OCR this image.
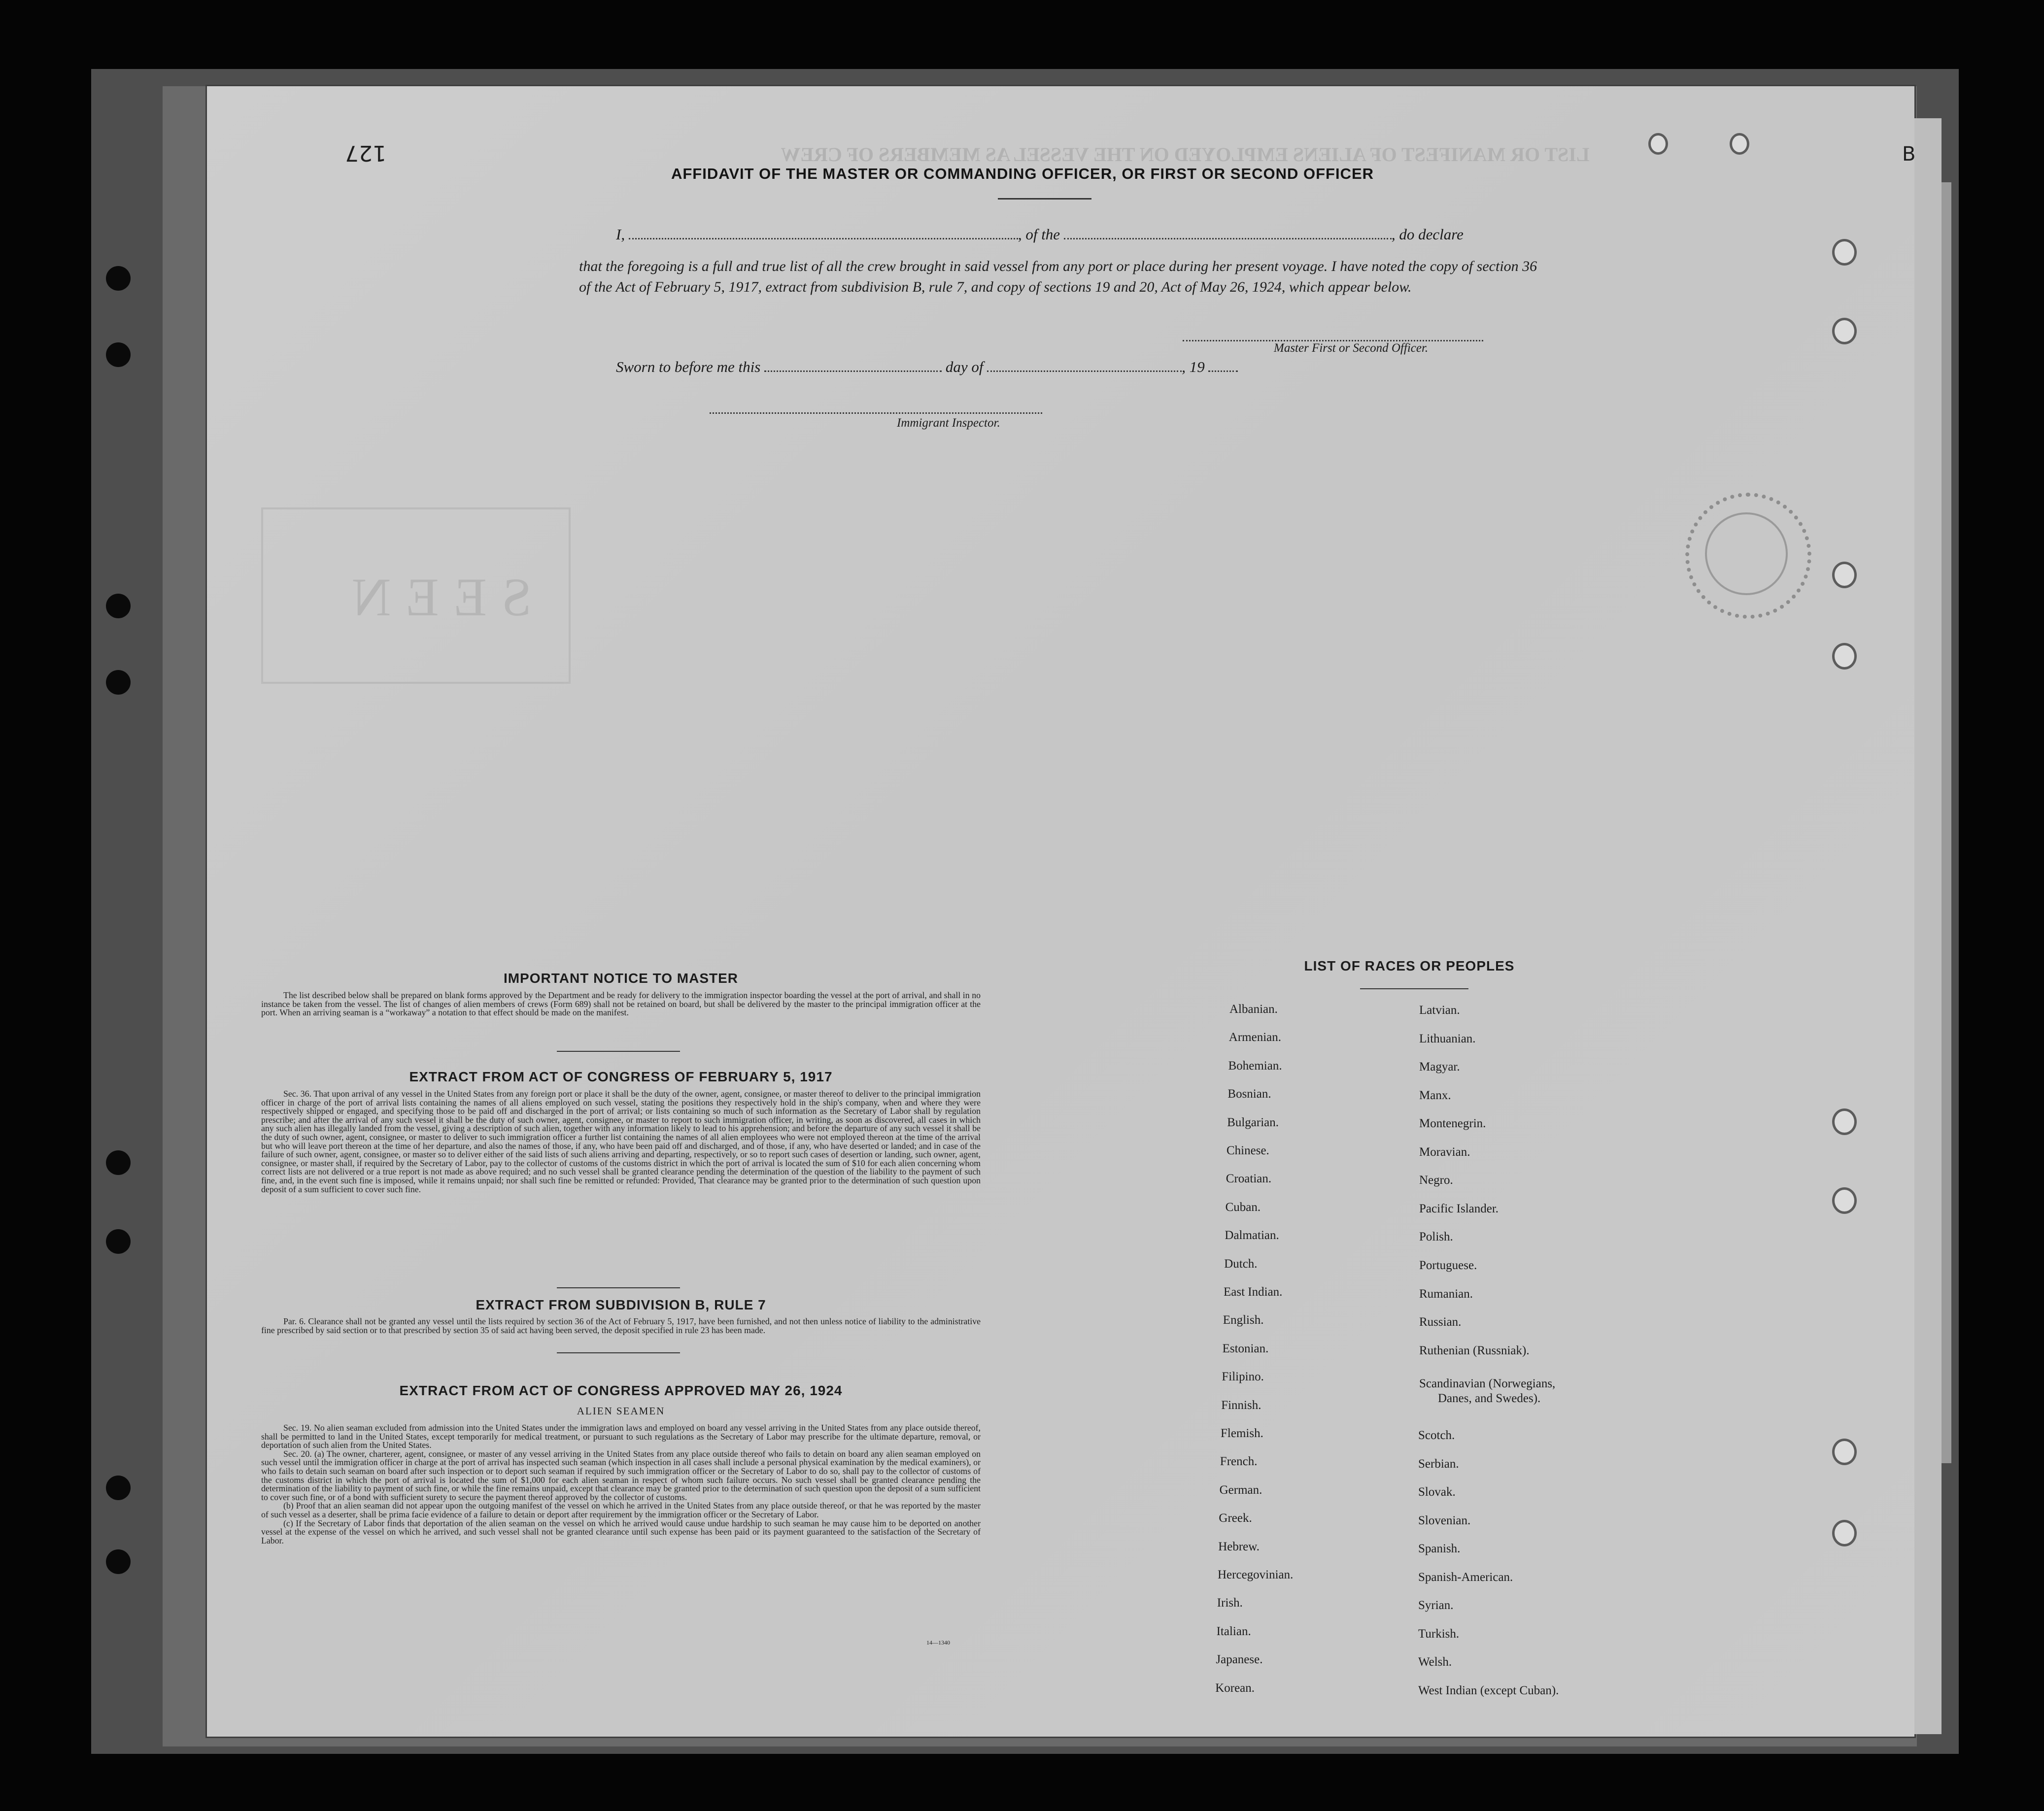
LIST OR MANIFEST OF ALIENS EMPLOYED ON THE VESSEL AS MEMBERS OF CREW
SEEN
127	B
AFFIDAVIT OF THE MASTER OR COMMANDING OFFICER, OR FIRST OR SECOND OFFICER
I,	, of the	, do declare
that the foregoing is a full and true list of all the crew brought in said vessel from any port or place during her present voyage. I have noted the copy of section 36 of the Act of February 5, 1917, extract from subdivision B, rule 7, and copy of sections 19 and 20, Act of May 26, 1924, which appear below.
Master First or Second Officer.
Sworn to before me this	day of	, 19
Immigrant Inspector.
IMPORTANT NOTICE TO MASTER

The list described below shall be prepared on blank forms approved by the Department and be ready for delivery to the immigration inspector boarding the vessel at the port of arrival, and shall in no instance be taken from the vessel. The list of changes of alien members of crews (Form 689) shall not be retained on board, but shall be delivered by the master to the principal immigration officer at the port. When an arriving seaman is a “workaway” a notation to that effect should be made on the manifest.

EXTRACT FROM ACT OF CONGRESS OF FEBRUARY 5, 1917

Sec. 36. That upon arrival of any vessel in the United States from any foreign port or place it shall be the duty of the owner, agent, consignee, or master thereof to deliver to the principal immigration officer in charge of the port of arrival lists containing the names of all aliens employed on such vessel, stating the positions they respectively hold in the ship's company, when and where they were respectively shipped or engaged, and specifying those to be paid off and discharged in the port of arrival; or lists containing so much of such information as the Secretary of Labor shall by regulation prescribe; and after the arrival of any such vessel it shall be the duty of such owner, agent, consignee, or master to report to such immigration officer, in writing, as soon as discovered, all cases in which any such alien has illegally landed from the vessel, giving a description of such alien, together with any information likely to lead to his apprehension; and before the departure of any such vessel it shall be the duty of such owner, agent, consignee, or master to deliver to such immigration officer a further list containing the names of all alien employees who were not employed thereon at the time of the arrival but who will leave port thereon at the time of her departure, and also the names of those, if any, who have been paid off and discharged, and of those, if any, who have deserted or landed; and in case of the failure of such owner, agent, consignee, or master so to deliver either of the said lists of such aliens arriving and departing, respectively, or so to report such cases of desertion or landing, such owner, agent, consignee, or master shall, if required by the Secretary of Labor, pay to the collector of customs of the customs district in which the port of arrival is located the sum of $10 for each alien concerning whom correct lists are not delivered or a true report is not made as above required; and no such vessel shall be granted clearance pending the determination of the question of the liability to the payment of such fine, and, in the event such fine is imposed, while it remains unpaid; nor shall such fine be remitted or refunded: Provided, That clearance may be granted prior to the determination of such question upon deposit of a sum sufficient to cover such fine.

EXTRACT FROM SUBDIVISION B, RULE 7

Par. 6. Clearance shall not be granted any vessel until the lists required by section 36 of the Act of February 5, 1917, have been furnished, and not then unless notice of liability to the administrative fine prescribed by said section or to that prescribed by section 35 of said act having been served, the deposit specified in rule 23 has been made.

EXTRACT FROM ACT OF CONGRESS APPROVED MAY 26, 1924
ALIEN SEAMEN

Sec. 19. No alien seaman excluded from admission into the United States under the immigration laws and employed on board any vessel arriving in the United States from any place outside thereof, shall be permitted to land in the United States, except temporarily for medical treatment, or pursuant to such regulations as the Secretary of Labor may prescribe for the ultimate departure, removal, or deportation of such alien from the United States.

Sec. 20. (a) The owner, charterer, agent, consignee, or master of any vessel arriving in the United States from any place outside thereof who fails to detain on board any alien seaman employed on such vessel until the immigration officer in charge at the port of arrival has inspected such seaman (which inspection in all cases shall include a personal physical examination by the medical examiners), or who fails to detain such seaman on board after such inspection or to deport such seaman if required by such immigration officer or the Secretary of Labor to do so, shall pay to the collector of customs of the customs district in which the port of arrival is located the sum of $1,000 for each alien seaman in respect of whom such failure occurs. No such vessel shall be granted clearance pending the determination of the liability to payment of such fine, or while the fine remains unpaid, except that clearance may be granted prior to the determination of such question upon the deposit of a sum sufficient to cover such fine, or of a bond with sufficient surety to secure the payment thereof approved by the collector of customs.

(b) Proof that an alien seaman did not appear upon the outgoing manifest of the vessel on which he arrived in the United States from any place outside thereof, or that he was reported by the master of such vessel as a deserter, shall be prima facie evidence of a failure to detain or deport after requirement by the immigration officer or the Secretary of Labor.

(c) If the Secretary of Labor finds that deportation of the alien seaman on the vessel on which he arrived would cause undue hardship to such seaman he may cause him to be deported on another vessel at the expense of the vessel on which he arrived, and such vessel shall not be granted clearance until such expense has been paid or its payment guaranteed to the satisfaction of the Secretary of Labor.

14—1340
LIST OF RACES OR PEOPLES
Albanian.
Armenian.
Bohemian.
Bosnian.
Bulgarian.
Chinese.
Croatian.
Cuban.
Dalmatian.
Dutch.
East Indian.
English.
Estonian.
Filipino.
Finnish.
Flemish.
French.
German.
Greek.
Hebrew.
Hercegovinian.
Irish.
Italian.
Japanese.
Korean.
Latvian.
Lithuanian.
Magyar.
Manx.
Montenegrin.
Moravian.
Negro.
Pacific Islander.
Polish.
Portuguese.
Rumanian.
Russian.
Ruthenian (Russniak).
Scandinavian (Norwegians,
Danes, and Swedes).
Scotch.
Serbian.
Slovak.
Slovenian.
Spanish.
Spanish-American.
Syrian.
Turkish.
Welsh.
West Indian (except Cuban).
